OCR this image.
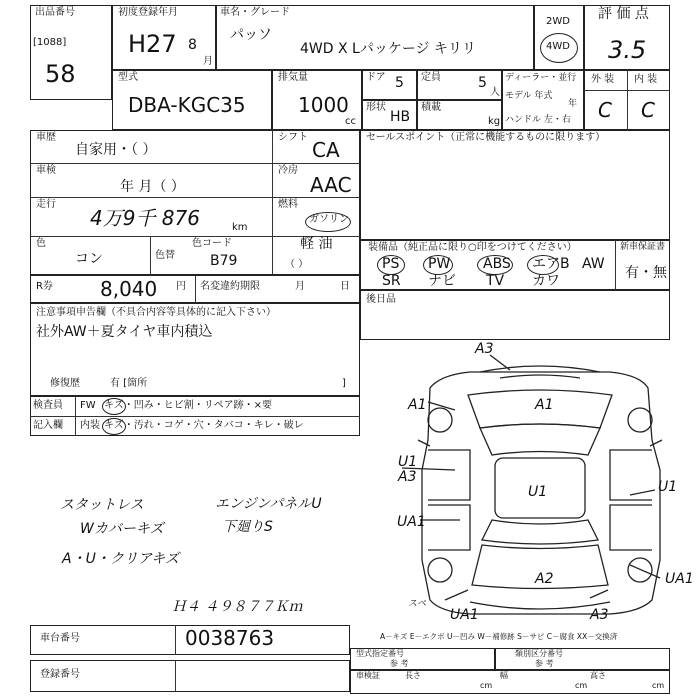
出品番号
[1088]
58
初度登録年月
H27 8
月
車名・グレード
パッソ
4WD X Lパッケージ キリリ
2WD
4WD
評 価 点
3.5
型式
DBA-KGC35
排気量
1000
cc
ドア 5
形状
HB
定員	5
人
積載
kg
ディーラー・並行
モデル 年式
年
ハンドル 左・右
外 装 内 装
C C
車歴
自家用・（ ）
車検
年 月（ ）
走行
4万9千 876	km
色
コン	色替
色コード
B79
シフト
CA
冷房
AAC
燃料
ガソリン
軽 油
（ ）
セールスポイント（正常に機能するものに限ります）
装備品（純正品に限り○印をつけてください）	新車保証書
有・無
PS PW ABS エアB AW
SR ナビ TV カワ
R券 8,040 円 名変違約期限	月	日
後日品
注意事項申告欄（不具合内容等具体的に記入下さい）
社外AW＋夏タイヤ車内積込
修復歴	有 [箇所	]
検査員
記入欄
FW キズ・凹み・ヒビ割・リペア跡・×要
内装 キズ・汚れ・コゲ・穴・タバコ・キレ・破レ
スタットレス
Wカバーキズ
A・U・クリアキズ
エンジンパネルU
下廻りS
Ｈ４ ４９８７７Ｋｍ
A3
A1	A1
U1
A3
U1
UA1
U1
A2	UA1
UA1	A3
スペ
車台番号	0038763
登録番号
A－キズ E－エクボ U－凹み W－補修跡 S－サビ C－腐食 XX－交換済
型式指定番号
参 考
類別区分番号
参 考
車検証	長さ
cm
幅
cm
高さ
cm
